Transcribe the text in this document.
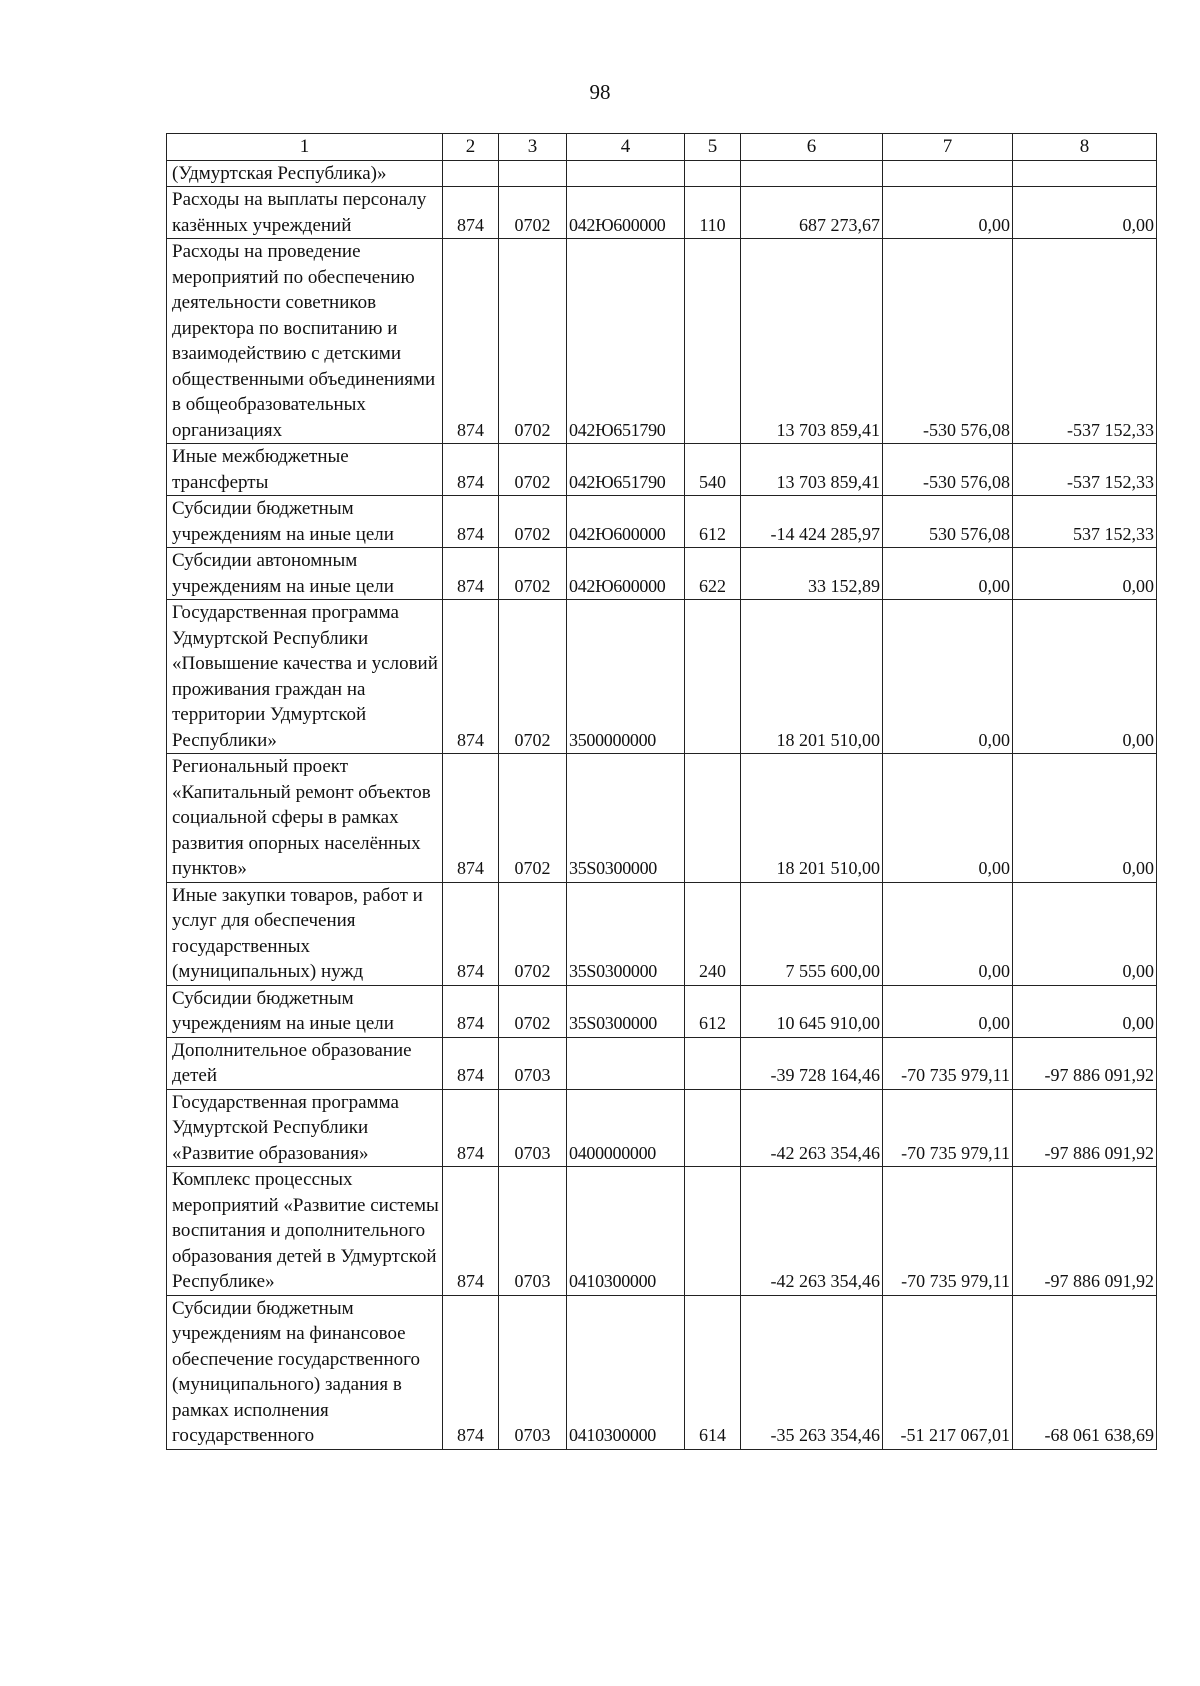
98
1	2	3	4	5	6	7	8
(Удмуртская Республика)»							
Расходы на выплаты персоналу казённых учреждений	874	0702	042Ю600000	110	687 273,67	0,00	0,00
Расходы на проведение мероприятий по обеспечению деятельности советников директора по воспитанию и взаимодействию с детскими общественными объединениями в общеобразовательных организациях	874	0702	042Ю651790		13 703 859,41	-530 576,08	-537 152,33
Иные межбюджетные трансферты	874	0702	042Ю651790	540	13 703 859,41	-530 576,08	-537 152,33
Субсидии бюджетным учреждениям на иные цели	874	0702	042Ю600000	612	-14 424 285,97	530 576,08	537 152,33
Субсидии автономным учреждениям на иные цели	874	0702	042Ю600000	622	33 152,89	0,00	0,00
Государственная программа Удмуртской Республики «Повышение качества и условий проживания граждан на территории Удмуртской Республики»	874	0702	3500000000		18 201 510,00	0,00	0,00
Региональный проект «Капитальный ремонт объектов социальной сферы в рамках развития опорных населённых пунктов»	874	0702	35S0300000		18 201 510,00	0,00	0,00
Иные закупки товаров, работ и услуг для обеспечения государственных (муниципальных) нужд	874	0702	35S0300000	240	7 555 600,00	0,00	0,00
Субсидии бюджетным учреждениям на иные цели	874	0702	35S0300000	612	10 645 910,00	0,00	0,00
Дополнительное образование детей	874	0703			-39 728 164,46	-70 735 979,11	-97 886 091,92
Государственная программа Удмуртской Республики «Развитие образования»	874	0703	0400000000		-42 263 354,46	-70 735 979,11	-97 886 091,92
Комплекс процессных мероприятий «Развитие системы воспитания и дополнительного образования детей в Удмуртской Республике»	874	0703	0410300000		-42 263 354,46	-70 735 979,11	-97 886 091,92
Субсидии бюджетным учреждениям на финансовое обеспечение государственного (муниципального) задания в рамках исполнения государственного	874	0703	0410300000	614	-35 263 354,46	-51 217 067,01	-68 061 638,69
